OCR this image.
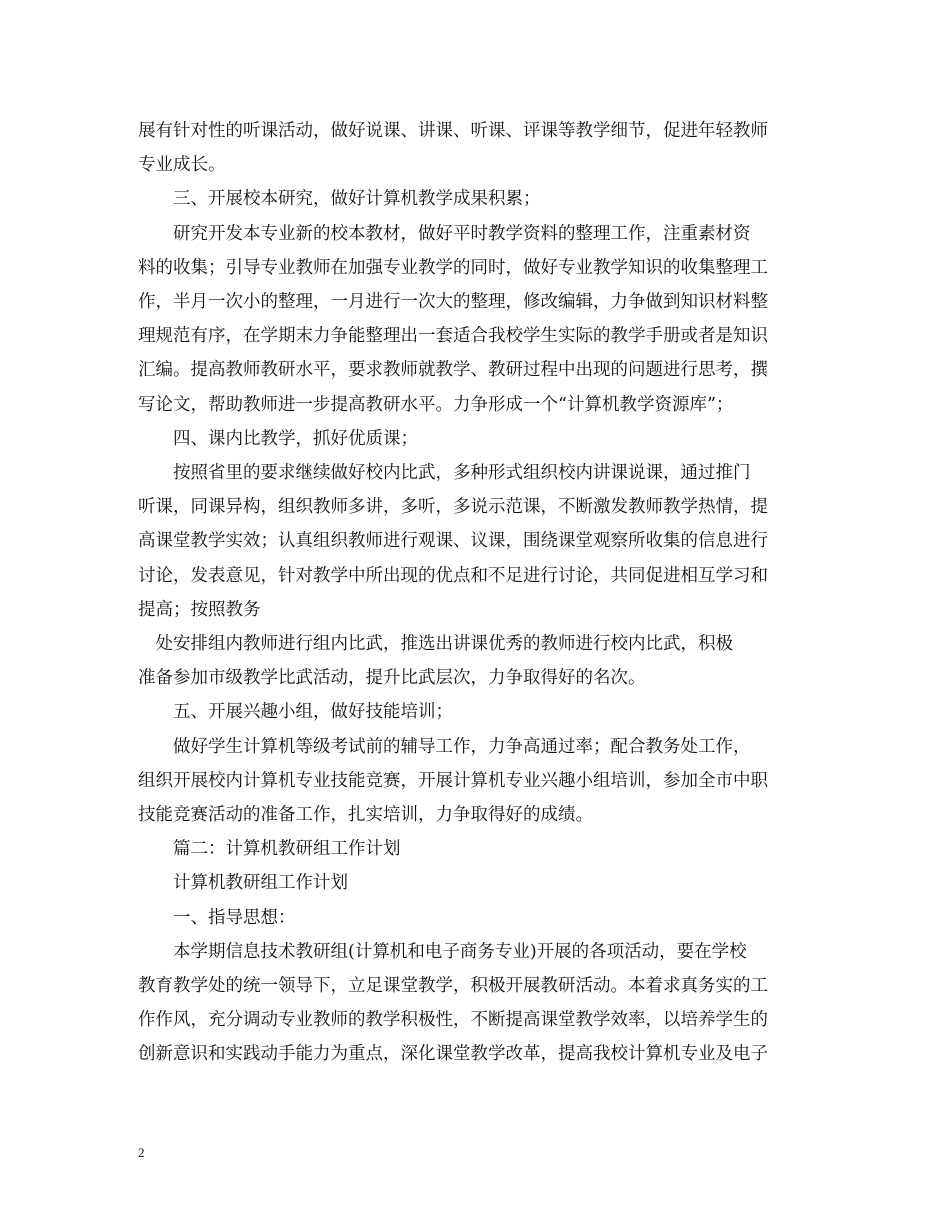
展有针对性的听课活动，做好说课、讲课、听课、评课等教学细节，促进年轻教师
专业成长。
　　三、开展校本研究，做好计算机教学成果积累；
　　研究开发本专业新的校本教材，做好平时教学资料的整理工作，注重素材资
料的收集；引导专业教师在加强专业教学的同时，做好专业教学知识的收集整理工
作，半月一次小的整理，一月进行一次大的整理，修改编辑，力争做到知识材料整
理规范有序，在学期末力争能整理出一套适合我校学生实际的教学手册或者是知识
汇编。提高教师教研水平，要求教师就教学、教研过程中出现的问题进行思考，撰
写论文，帮助教师进一步提高教研水平。力争形成一个“计算机教学资源库”；
　　四、课内比教学，抓好优质课；
　　按照省里的要求继续做好校内比武，多种形式组织校内讲课说课，通过推门
听课，同课异构，组织教师多讲，多听，多说示范课，不断激发教师教学热情，提
高课堂教学实效；认真组织教师进行观课、议课，围绕课堂观察所收集的信息进行
讨论，发表意见，针对教学中所出现的优点和不足进行讨论，共同促进相互学习和
提高；按照教务
　处安排组内教师进行组内比武，推选出讲课优秀的教师进行校内比武，积极
准备参加市级教学比武活动，提升比武层次，力争取得好的名次。
　　五、开展兴趣小组，做好技能培训；
　　做好学生计算机等级考试前的辅导工作，力争高通过率；配合教务处工作，
组织开展校内计算机专业技能竞赛，开展计算机专业兴趣小组培训，参加全市中职
技能竞赛活动的准备工作，扎实培训，力争取得好的成绩。
　　篇二：计算机教研组工作计划
　　计算机教研组工作计划
　　一、指导思想：
　　本学期信息技术教研组(计算机和电子商务专业)开展的各项活动，要在学校
教育教学处的统一领导下，立足课堂教学，积极开展教研活动。本着求真务实的工
作作风，充分调动专业教师的教学积极性，不断提高课堂教学效率，以培养学生的
创新意识和实践动手能力为重点，深化课堂教学改革，提高我校计算机专业及电子
2
